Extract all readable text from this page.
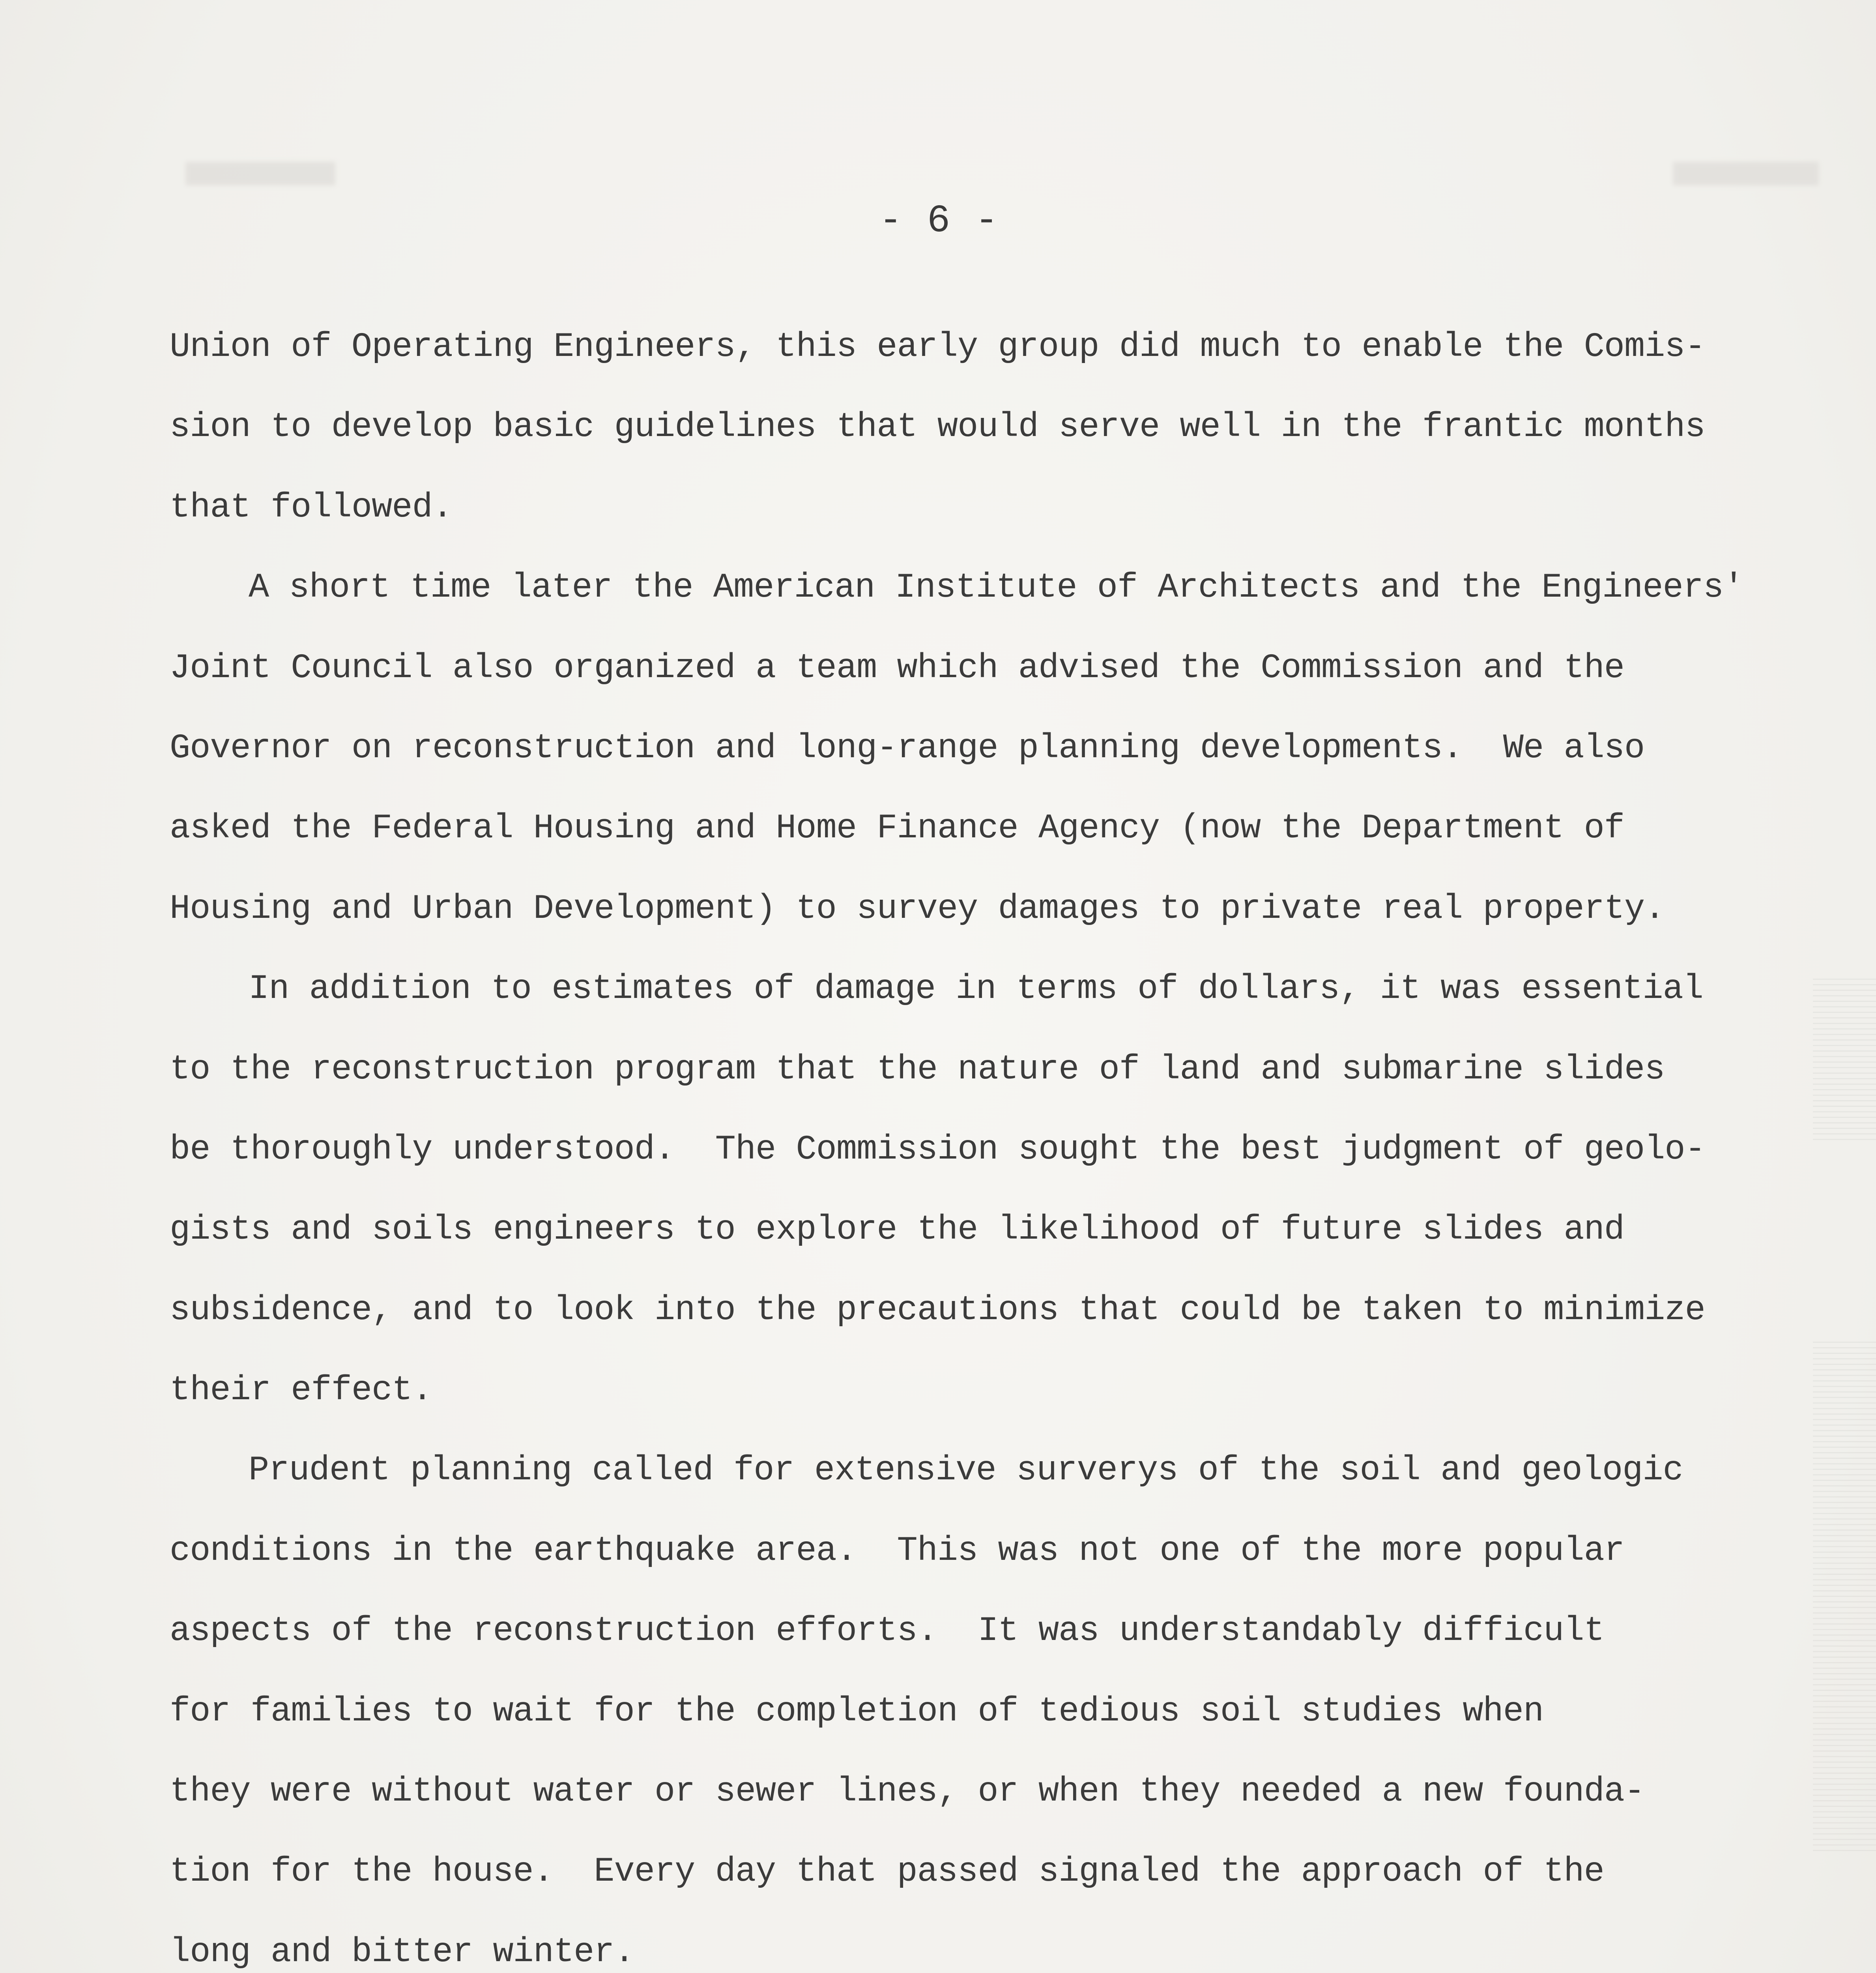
- 6 -
Union of Operating Engineers, this early group did much to enable the Comis-
sion to develop basic guidelines that would serve well in the frantic months
that followed.
A short time later the American Institute of Architects and the Engineers'
Joint Council also organized a team which advised the Commission and the
Governor on reconstruction and long-range planning developments.  We also
asked the Federal Housing and Home Finance Agency (now the Department of
Housing and Urban Development) to survey damages to private real property.
In addition to estimates of damage in terms of dollars, it was essential
to the reconstruction program that the nature of land and submarine slides
be thoroughly understood.  The Commission sought the best judgment of geolo-
gists and soils engineers to explore the likelihood of future slides and
subsidence, and to look into the precautions that could be taken to minimize
their effect.
Prudent planning called for extensive surverys of the soil and geologic
conditions in the earthquake area.  This was not one of the more popular
aspects of the reconstruction efforts.  It was understandably difficult
for families to wait for the completion of tedious soil studies when
they were without water or sewer lines, or when they needed a new founda-
tion for the house.  Every day that passed signaled the approach of the
long and bitter winter.
